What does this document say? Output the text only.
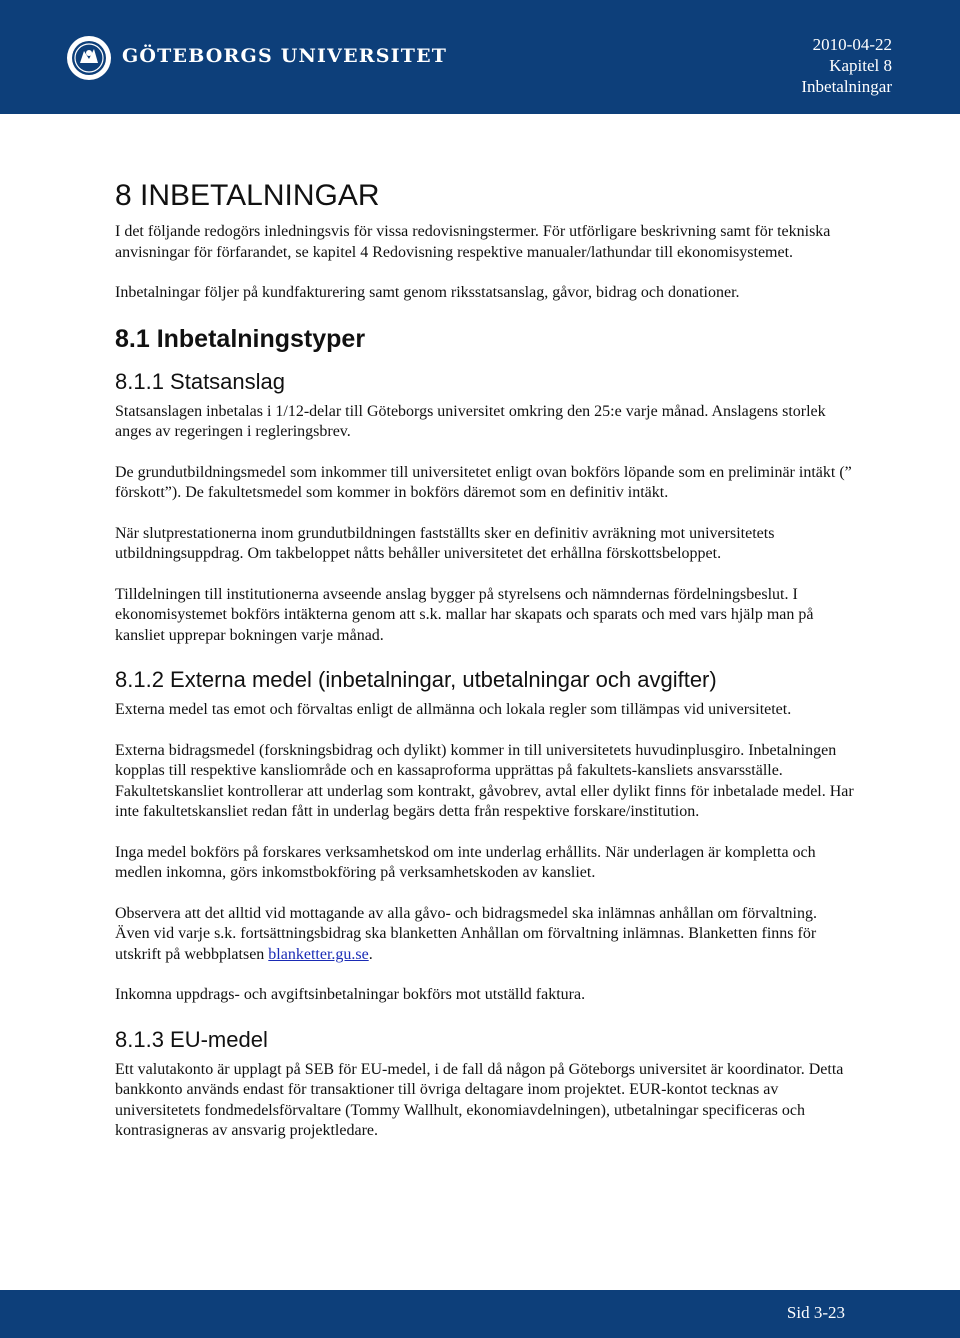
GÖTEBORGS UNIVERSITET
2010-04-22
Kapitel 8
Inbetalningar
8 INBETALNINGAR

I det följande redogörs inledningsvis för vissa redovisningstermer. För utförligare beskrivning samt för tekniska anvisningar för förfarandet, se kapitel 4 Redovisning respektive manualer/lathundar till ekonomisystemet.

Inbetalningar följer på kundfakturering samt genom riksstatsanslag, gåvor, bidrag och donationer.

8.1 Inbetalningstyper
8.1.1 Statsanslag

Statsanslagen inbetalas i 1/12-delar till Göteborgs universitet omkring den 25:e varje månad. Anslagens storlek anges av regeringen i regleringsbrev.

De grundutbildningsmedel som inkommer till universitetet enligt ovan bokförs löpande som en preliminär intäkt (” förskott”). De fakultetsmedel som kommer in bokförs däremot som en definitiv intäkt.

När slutprestationerna inom grundutbildningen fastställts sker en definitiv avräkning mot universitetets utbildningsuppdrag. Om takbeloppet nåtts behåller universitetet det erhållna förskottsbeloppet.

Tilldelningen till institutionerna avseende anslag bygger på styrelsens och nämndernas fördelningsbeslut. I ekonomisystemet bokförs intäkterna genom att s.k. mallar har skapats och sparats och med vars hjälp man på kansliet upprepar bokningen varje månad.

8.1.2 Externa medel (inbetalningar, utbetalningar och avgifter)

Externa medel tas emot och förvaltas enligt de allmänna och lokala regler som tillämpas vid universitetet.

Externa bidragsmedel (forskningsbidrag och dylikt) kommer in till universitetets huvudinplusgiro. Inbetalningen kopplas till respektive kansliområde och en kassaproforma upprättas på fakultets-kansliets ansvarsställe. Fakultetskansliet kontrollerar att underlag som kontrakt, gåvobrev, avtal eller dylikt finns för inbetalade medel. Har inte fakultetskansliet redan fått in underlag begärs detta från respektive forskare/institution.

Inga medel bokförs på forskares verksamhetskod om inte underlag erhållits. När underlagen är kompletta och medlen inkomna, görs inkomstbokföring på verksamhetskoden av kansliet.

Observera att det alltid vid mottagande av alla gåvo- och bidragsmedel ska inlämnas anhållan om förvaltning. Även vid varje s.k. fortsättningsbidrag ska blanketten Anhållan om förvaltning inlämnas. Blanketten finns för utskrift på webbplatsen blanketter.gu.se.

Inkomna uppdrags- och avgiftsinbetalningar bokförs mot utställd faktura.

8.1.3 EU-medel

Ett valutakonto är upplagt på SEB för EU-medel, i de fall då någon på Göteborgs universitet är koordinator. Detta bankkonto används endast för transaktioner till övriga deltagare inom projektet. EUR-kontot tecknas av universitetets fondmedelsförvaltare (Tommy Wallhult, ekonomiavdelningen), utbetalningar specificeras och kontrasigneras av ansvarig projektledare.

Sid 3-23
